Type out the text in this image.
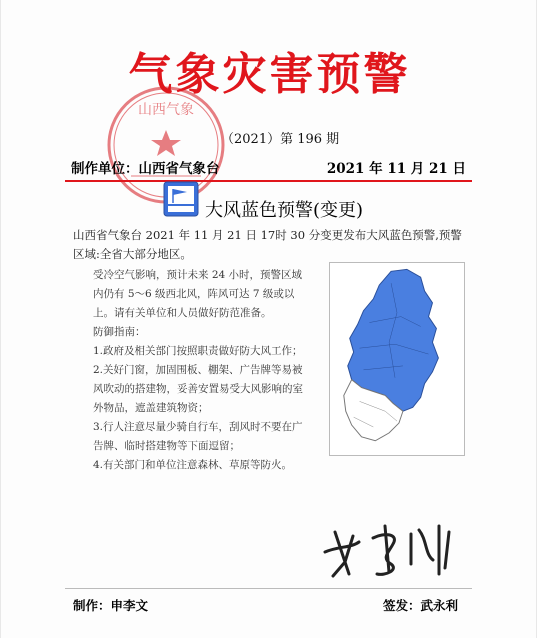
山西气象
气象灾害预警
（2021）第 196 期
制作单位：山西省气象台	2021 年 11 月 21 日
大风蓝色预警(变更)
山西省气象台 2021 年 11 月 21 日 17时 30 分变更发布大风蓝色预警,预警区域:全省大部分地区。

受冷空气影响，预计未来 24 小时，预警区域内仍有 5～6 级西北风，阵风可达 7 级或以上。请有关单位和人员做好防范准备。

防御指南：

1.政府及相关部门按照职责做好防大风工作；

2.关好门窗，加固围板、棚架、广告牌等易被风吹动的搭建物，妥善安置易受大风影响的室外物品，遮盖建筑物资；

3.行人注意尽量少骑自行车，刮风时不要在广告牌、临时搭建物等下面逗留；

4.有关部门和单位注意森林、草原等防火。

制作：申李文	签发：武永利
